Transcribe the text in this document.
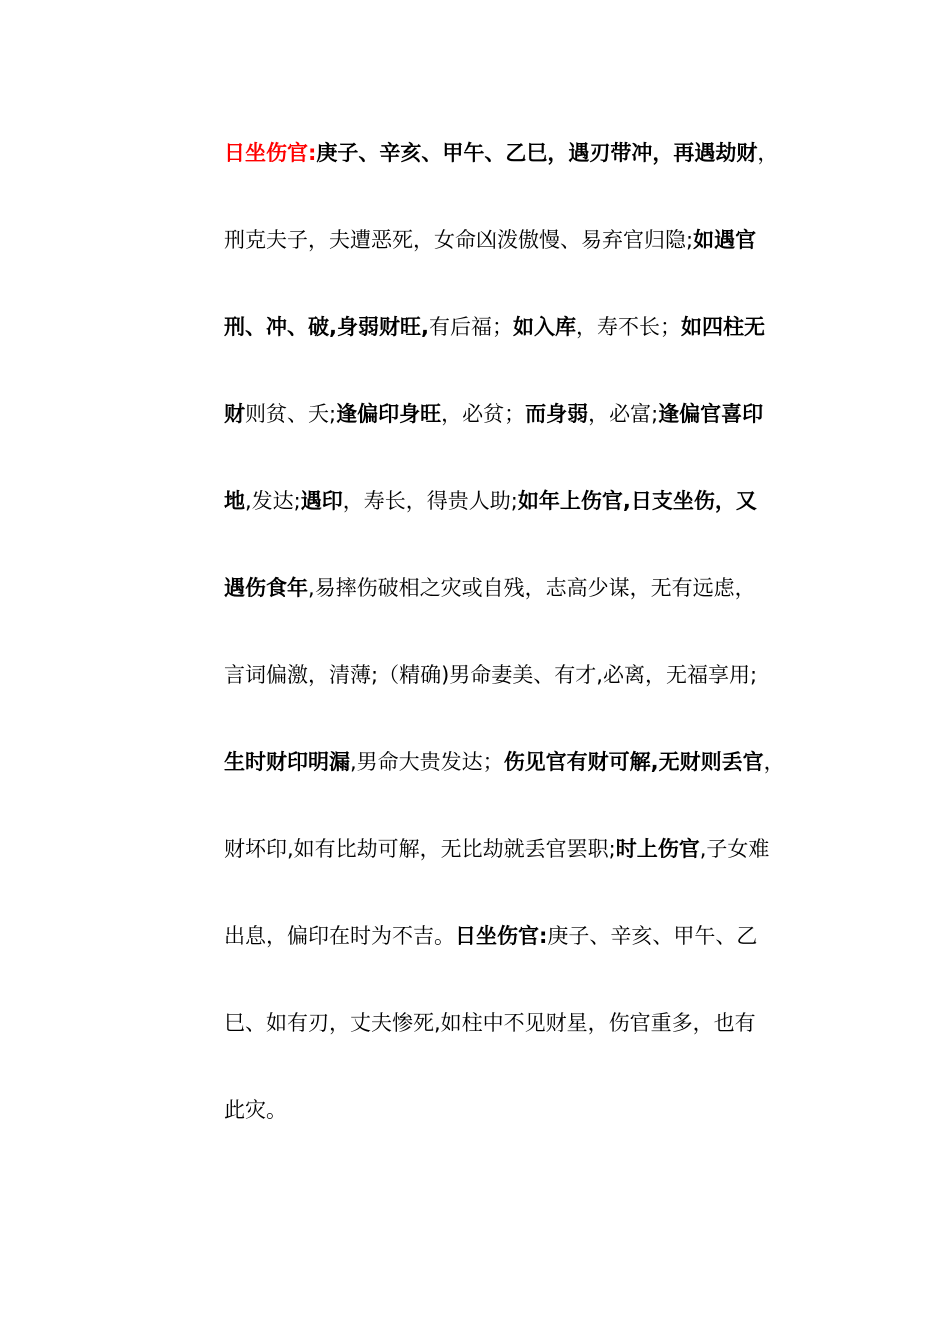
日坐伤官:庚子、辛亥、甲午、乙巳，遇刃带冲，再遇劫财，
刑克夫子，夫遭恶死，女命凶泼傲慢、易弃官归隐;如遇官
刑、冲、破,身弱财旺,有后福；如入库，寿不长；如四柱无
财则贫、夭;逢偏印身旺，必贫；而身弱，必富;逢偏官喜印
地,发达;遇印，寿长，得贵人助;如年上伤官,日支坐伤，又
遇伤食年,易摔伤破相之灾或自残，志高少谋，无有远虑，
言词偏激，清薄;（精确)男命妻美、有才,必离，无福享用;
生时财印明漏,男命大贵发达；伤见官有财可解,无财则丢官，
财坏印,如有比劫可解，无比劫就丢官罢职;时上伤官,子女难
出息，偏印在时为不吉。日坐伤官:庚子、辛亥、甲午、乙
巳、如有刃，丈夫惨死,如柱中不见财星，伤官重多，也有
此灾。
